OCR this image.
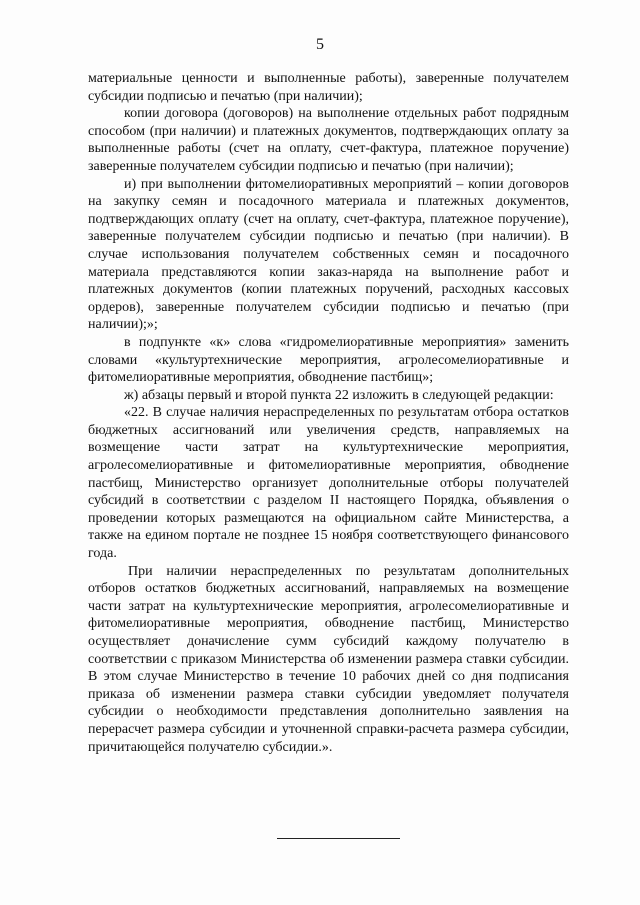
5

материальные ценности и выполненные работы), заверенные получателем субсидии подписью и печатью (при наличии);

копии договора (договоров) на выполнение отдельных работ подрядным способом (при наличии) и платежных документов, подтверждающих оплату за выполненные работы (счет на оплату, счет-фактура, платежное поручение) заверенные получателем субсидии подписью и печатью (при наличии);

и) при выполнении фитомелиоративных мероприятий – копии договоров на закупку семян и посадочного материала и платежных документов, подтверждающих оплату (счет на оплату, счет-фактура, платежное поручение), заверенные получателем субсидии подписью и печатью (при наличии). В случае использования получателем собственных семян и посадочного материала представляются копии заказ-наряда на выполнение работ и платежных документов (копии платежных поручений, расходных кассовых ордеров), заверенные получателем субсидии подписью и печатью (при наличии);»;

в подпункте «к» слова «гидромелиоративные мероприятия» заменить словами «культуртехнические мероприятия, агролесомелиоративные и фитомелиоративные мероприятия, обводнение пастбищ»;

ж) абзацы первый и второй пункта 22 изложить в следующей редакции:

«22. В случае наличия нераспределенных по результатам отбора остатков бюджетных ассигнований или увеличения средств, направляемых на возмещение части затрат на культуртехнические мероприятия, агролесомелиоративные и фитомелиоративные мероприятия, обводнение пастбищ, Министерство организует дополнительные отборы получателей субсидий в соответствии с разделом II настоящего Порядка, объявления о проведении которых размещаются на официальном сайте Министерства, а также на едином портале не позднее 15 ноября соответствующего финансового года.

При наличии нераспределенных по результатам дополнительных отборов остатков бюджетных ассигнований, направляемых на возмещение части затрат на культуртехнические мероприятия, агролесомелиоративные и фитомелиоративные мероприятия, обводнение пастбищ, Министерство осуществляет доначисление сумм субсидий каждому получателю в соответствии с приказом Министерства об изменении размера ставки субсидии. В этом случае Министерство в течение 10 рабочих дней со дня подписания приказа об изменении размера ставки субсидии уведомляет получателя субсидии о необходимости представления дополнительно заявления на перерасчет размера субсидии и уточненной справки-расчета размера субсидии, причитающейся получателю субсидии.».
